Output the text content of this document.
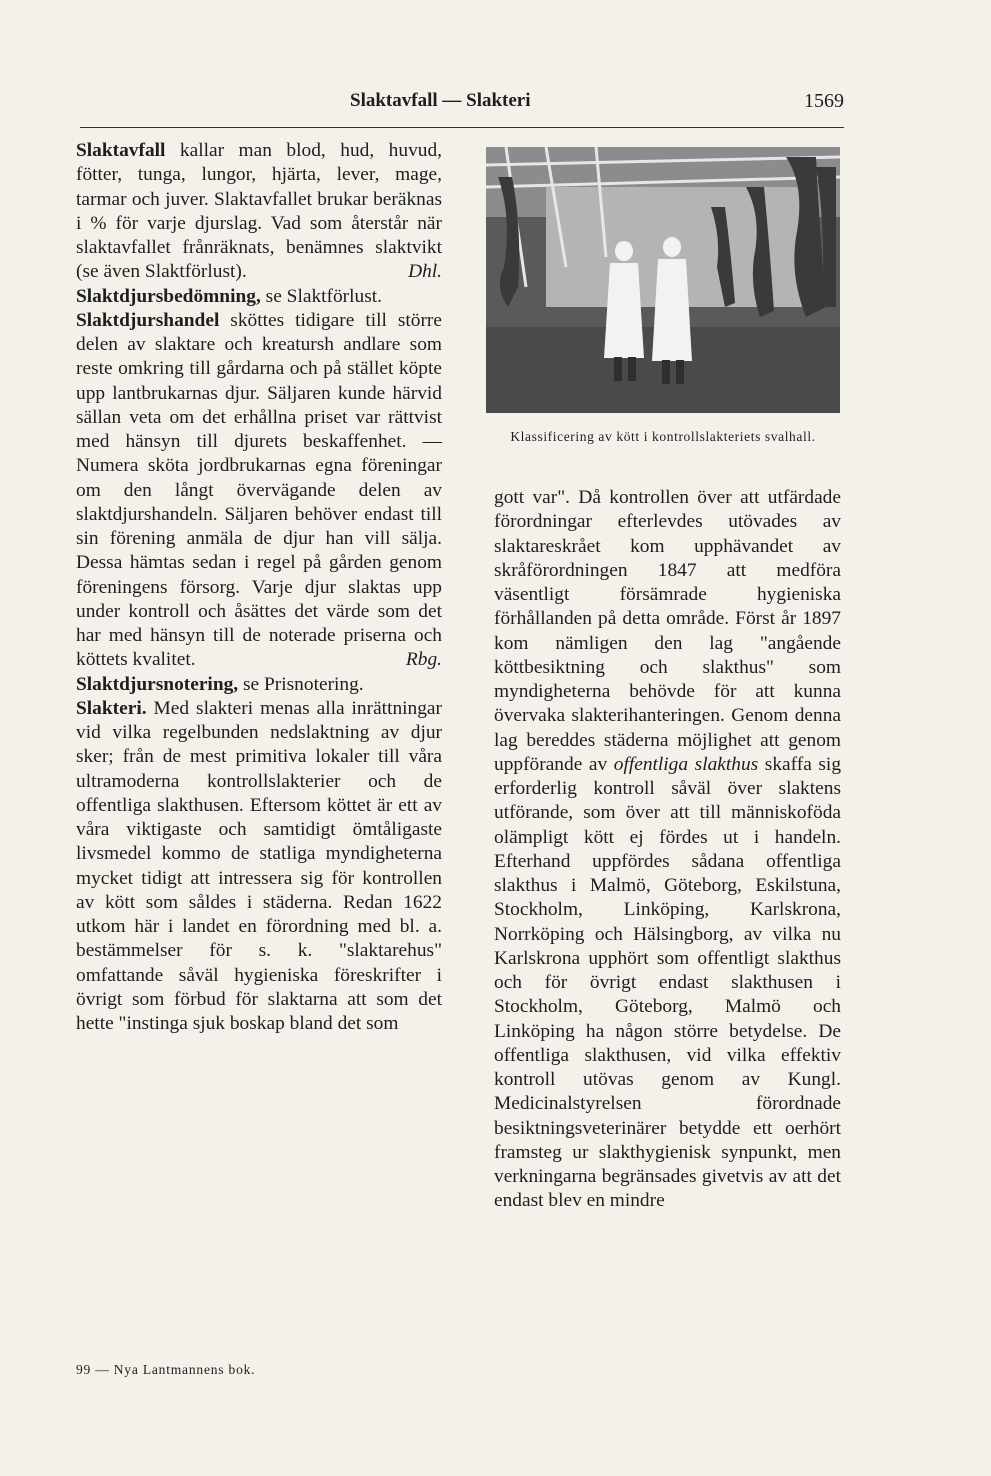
Slaktavfall — Slakteri	1569

Slaktavfall kallar man blod, hud, huvud, fötter, tunga, lungor, hjärta, lever, mage, tarmar och juver. Slaktavfallet brukar beräknas i % för varje djurslag. Vad som återstår när slaktavfallet frånräknats, benämnes slaktvikt (se även Slaktförlust).	Dhl.

Slaktdjursbedömning, se Slaktförlust.

Slaktdjurshandel sköttes tidigare till större delen av slaktare och kreatursh andlare som reste omkring till gårdarna och på stället köpte upp lantbrukarnas djur. Säljaren kunde härvid sällan veta om det erhållna priset var rättvist med hänsyn till djurets beskaffenhet. — Numera sköta jordbrukarnas egna föreningar om den långt övervägande delen av slaktdjurshandeln. Säljaren behöver endast till sin förening anmäla de djur han vill sälja. Dessa hämtas sedan i regel på gården genom föreningens försorg. Varje djur slaktas upp under kontroll och åsättes det värde som det har med hänsyn till de noterade priserna och köttets kvalitet.	Rbg.

Slaktdjursnotering, se Prisnotering.

Slakteri. Med slakteri menas alla inrättningar vid vilka regelbunden nedslaktning av djur sker; från de mest primitiva lokaler till våra ultramoderna kontrollslakterier och de offentliga slakthusen. Eftersom köttet är ett av våra viktigaste och samtidigt ömtåligaste livsmedel kommo de statliga myndigheterna mycket tidigt att intressera sig för kontrollen av kött som såldes i städerna. Redan 1622 utkom här i landet en förordning med bl. a. bestämmelser för s. k. "slaktarehus" omfattande såväl hygieniska föreskrifter i övrigt som förbud för slaktarna att som det hette "instinga sjuk boskap bland det som

Klassificering av kött i kontrollslakteriets svalhall.

gott var". Då kontrollen över att utfärdade förordningar efterlevdes utövades av slaktareskrået kom upphävandet av skråförordningen 1847 att medföra väsentligt försämrade hygieniska förhållanden på detta område. Först år 1897 kom nämligen den lag "angående köttbesiktning och slakthus" som myndigheterna behövde för att kunna övervaka slakterihanteringen. Genom denna lag bereddes städerna möjlighet att genom uppförande av offentliga slakthus skaffa sig erforderlig kontroll såväl över slaktens utförande, som över att till människoföda olämpligt kött ej fördes ut i handeln. Efterhand uppfördes sådana offentliga slakthus i Malmö, Göteborg, Eskilstuna, Stockholm, Linköping, Karlskrona, Norrköping och Hälsingborg, av vilka nu Karlskrona upphört som offentligt slakthus och för övrigt endast slakthusen i Stockholm, Göteborg, Malmö och Linköping ha någon större betydelse. De offentliga slakthusen, vid vilka effektiv kontroll utövas genom av Kungl. Medicinalstyrelsen förordnade besiktningsveterinärer betydde ett oerhört framsteg ur slakthygienisk synpunkt, men verkningarna begränsades givetvis av att det endast blev en mindre

99 — Nya Lantmannens bok.
